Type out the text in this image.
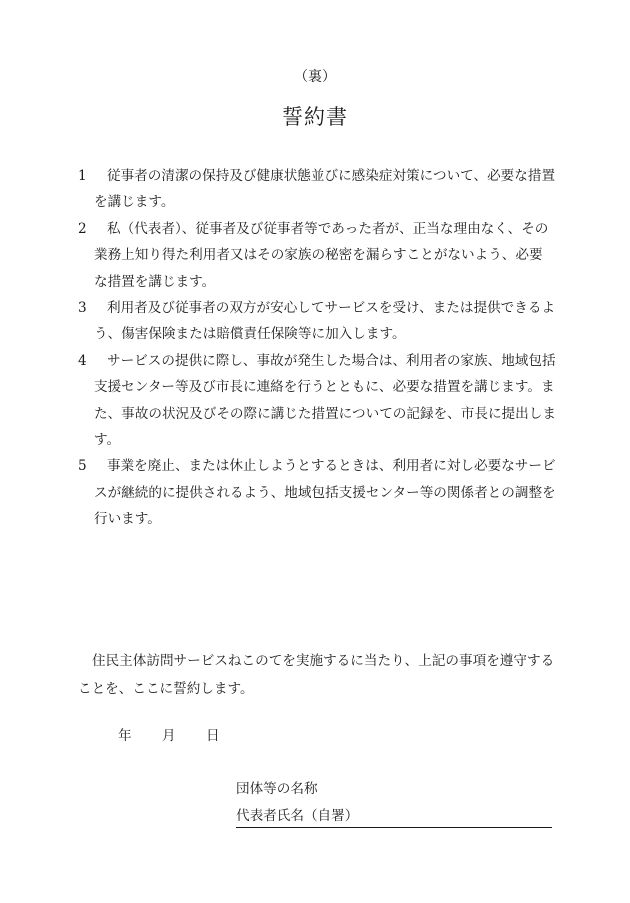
（裏）
誓約書
1	従事者の清潔の保持及び健康状態並びに感染症対策について、必要な措置を講じます。
2	私（代表者）、従事者及び従事者等であった者が、正当な理由なく、その業務上知り得た利用者又はその家族の秘密を漏らすことがないよう、必要な措置を講じます。
3	利用者及び従事者の双方が安心してサービスを受け、または提供できるよう、傷害保険または賠償責任保険等に加入します。
4	サービスの提供に際し、事故が発生した場合は、利用者の家族、地域包括支援センター等及び市長に連絡を行うとともに、必要な措置を講じます。また、事故の状況及びその際に講じた措置についての記録を、市長に提出します。
5	事業を廃止、または休止しようとするときは、利用者に対し必要なサービスが継続的に提供されるよう、地域包括支援センター等の関係者との調整を行います。

住民主体訪問サービスねこのてを実施するに当たり、上記の事項を遵守することを、ここに誓約します。

年	月	日
団体等の名称
代表者氏名（自署）
